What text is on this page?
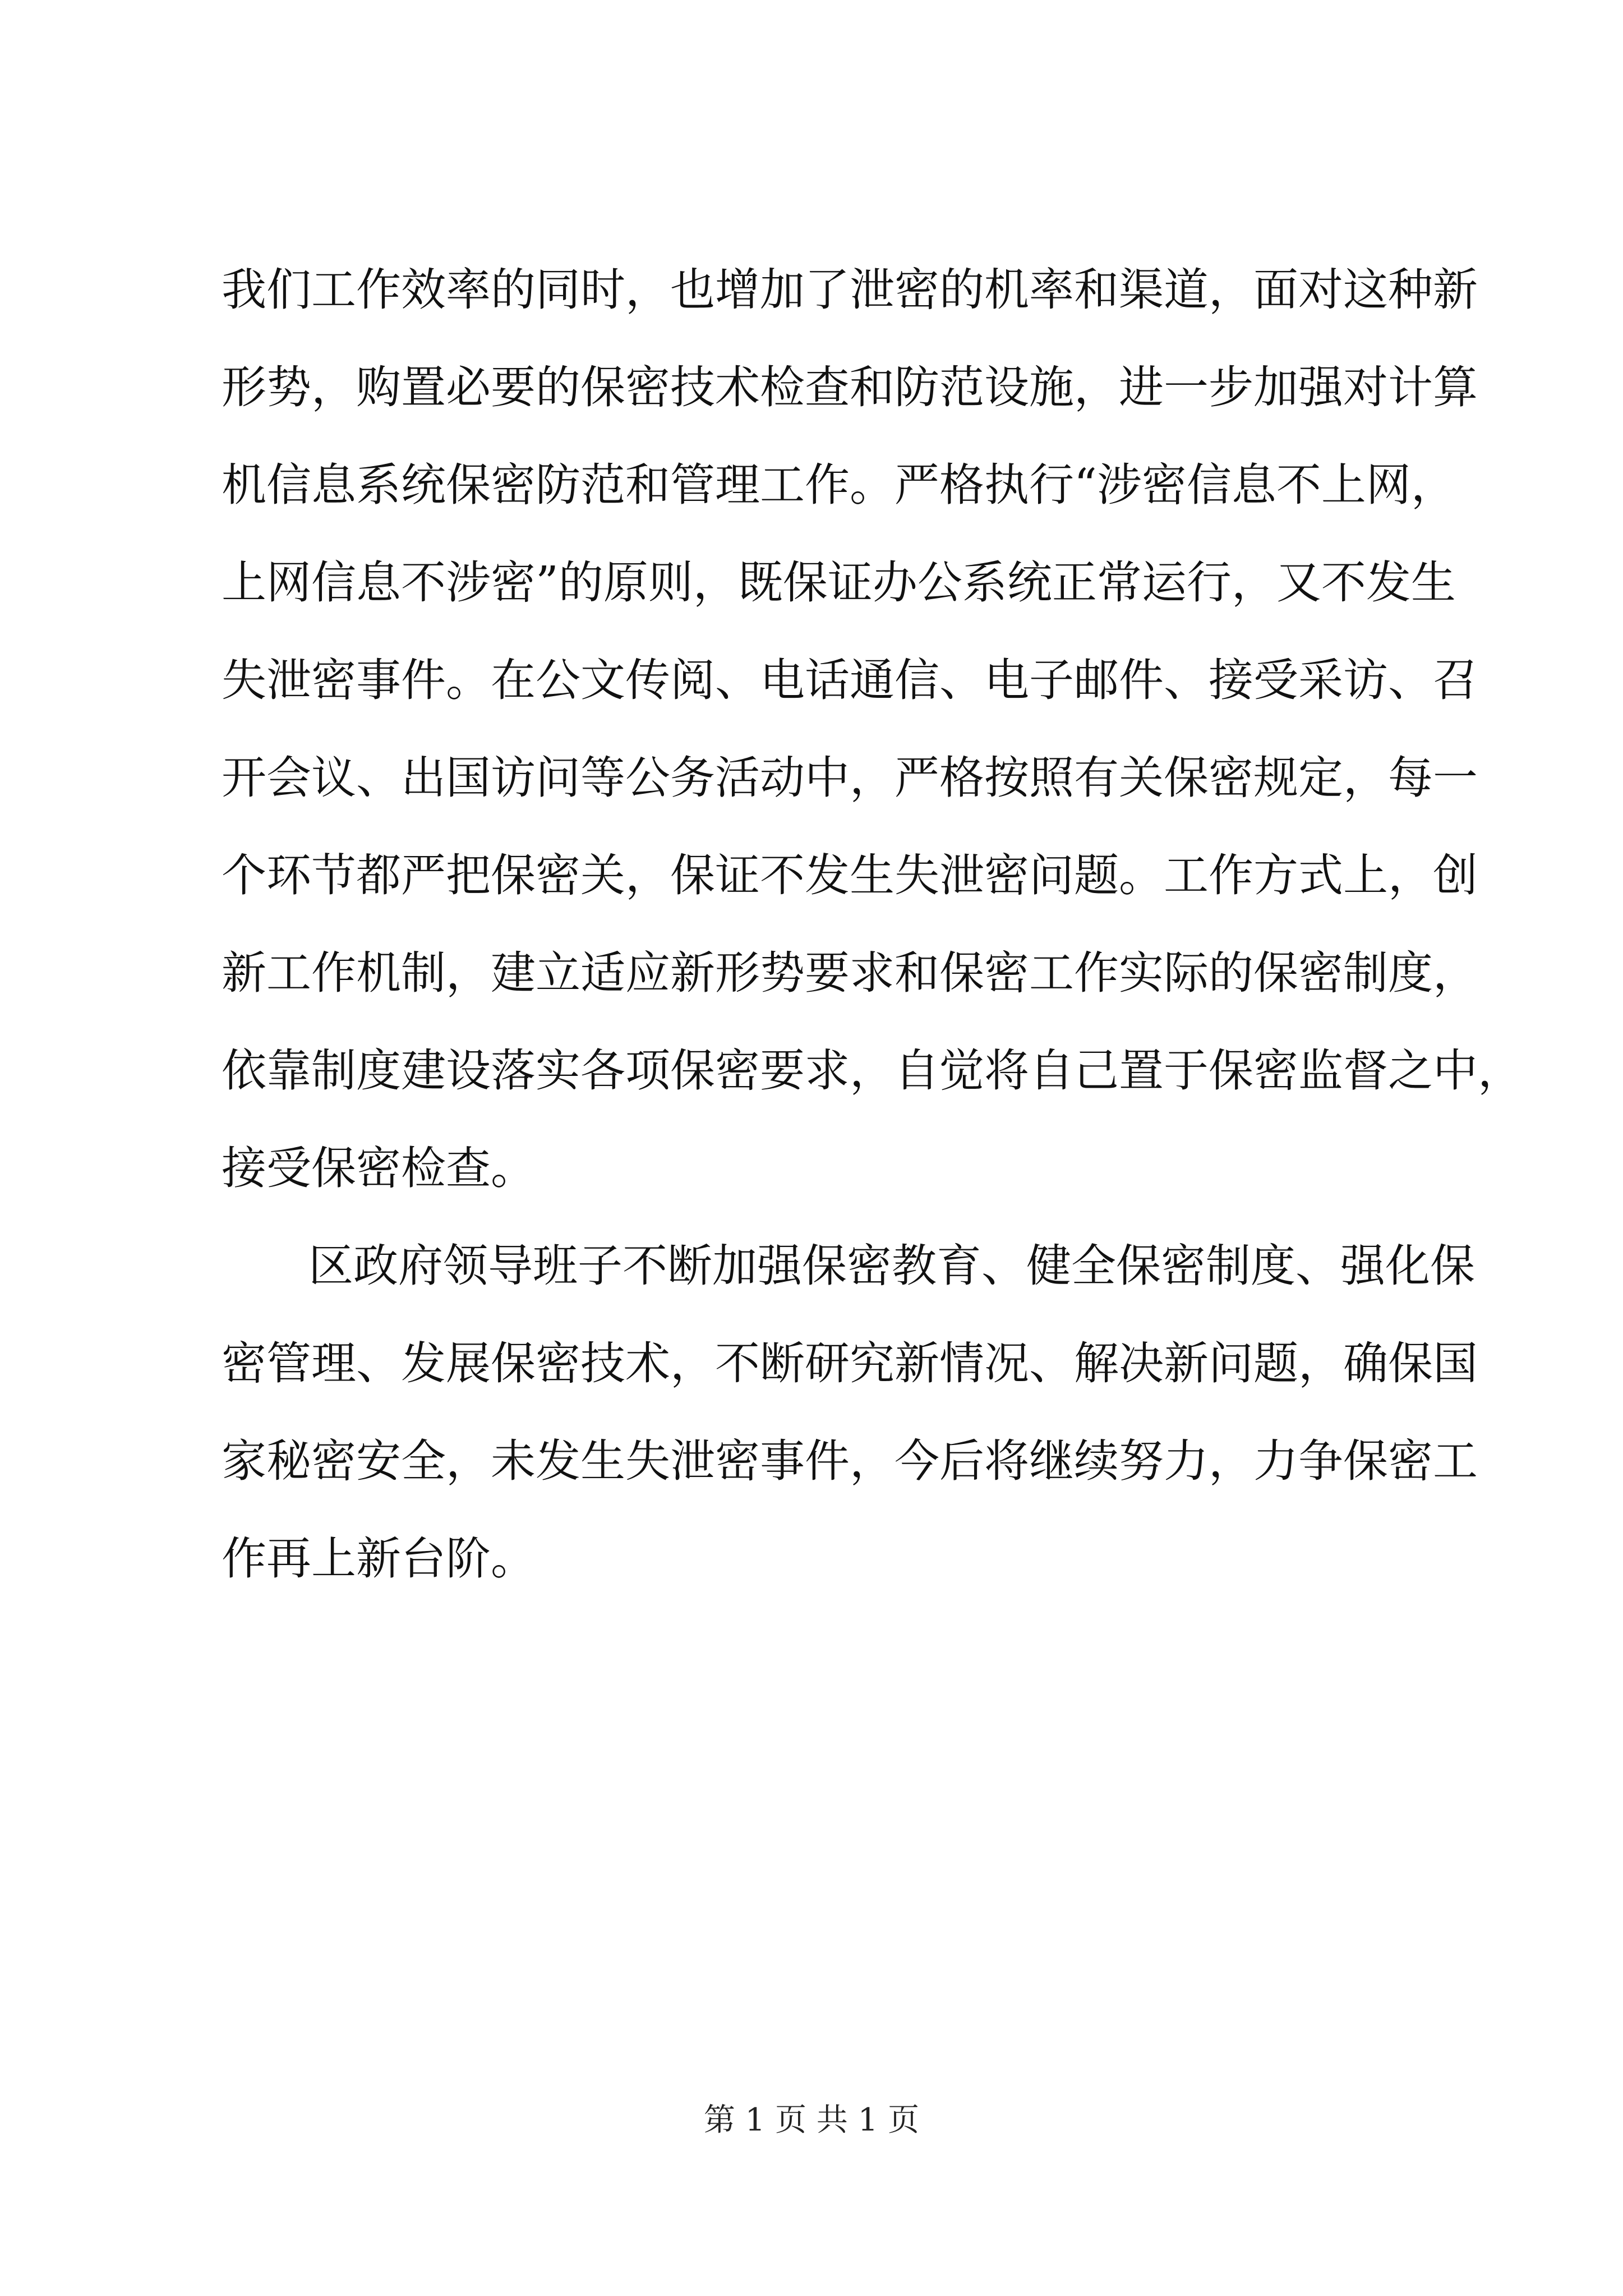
我们工作效率的同时，也增加了泄密的机率和渠道，面对这种新
形势，购置必要的保密技术检查和防范设施，进一步加强对计算
机信息系统保密防范和管理工作。严格执行“涉密信息不上网，
上网信息不涉密”的原则，既保证办公系统正常运行，又不发生
失泄密事件。在公文传阅、电话通信、电子邮件、接受采访、召
开会议、出国访问等公务活动中，严格按照有关保密规定，每一
个环节都严把保密关，保证不发生失泄密问题。工作方式上，创
新工作机制，建立适应新形势要求和保密工作实际的保密制度，
依靠制度建设落实各项保密要求，自觉将自己置于保密监督之中，
接受保密检查。
区政府领导班子不断加强保密教育、健全保密制度、强化保
密管理、发展保密技术，不断研究新情况、解决新问题，确保国
家秘密安全，未发生失泄密事件，今后将继续努力，力争保密工
作再上新台阶。
第 1 页 共 1 页
